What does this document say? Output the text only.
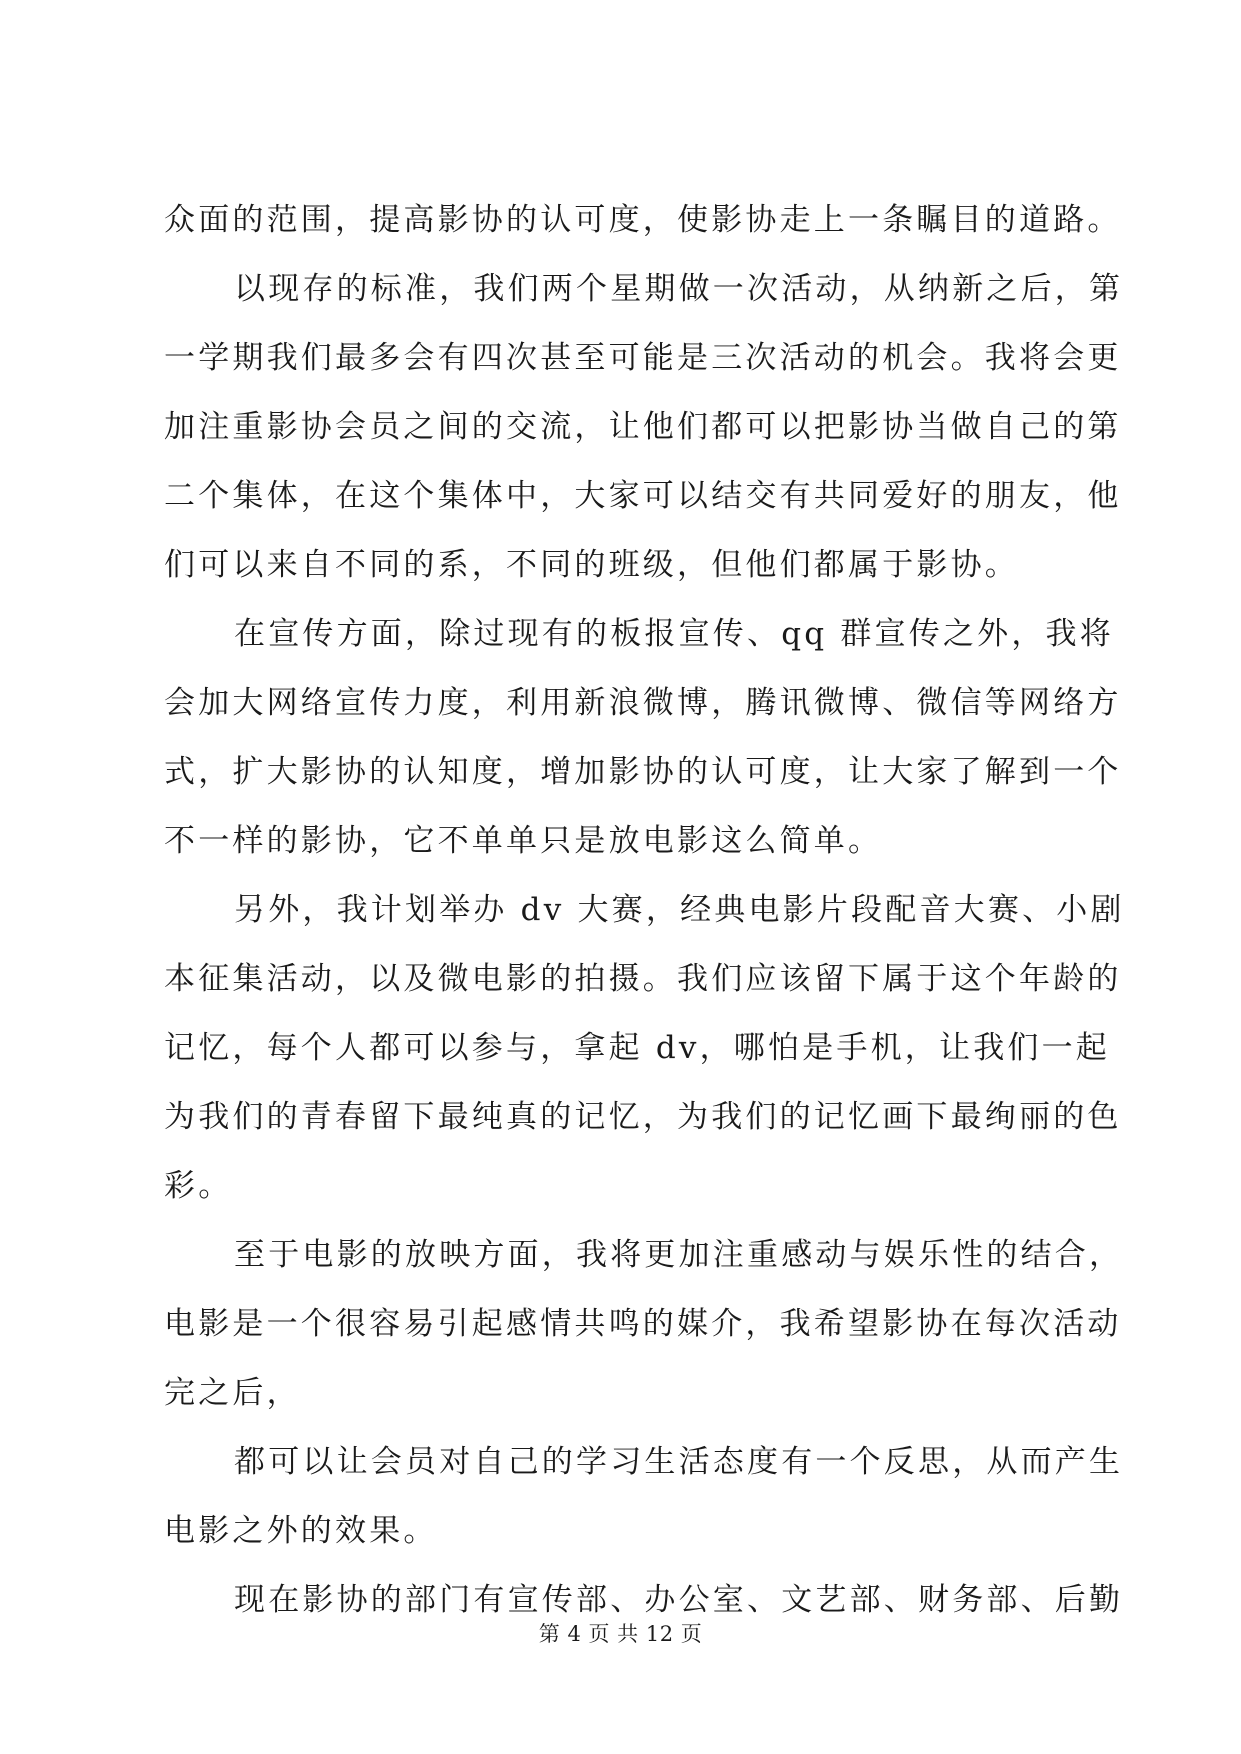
众面的范围，提高影协的认可度，使影协走上一条瞩目的道路。
以现存的标准，我们两个星期做一次活动，从纳新之后，第
一学期我们最多会有四次甚至可能是三次活动的机会。我将会更
加注重影协会员之间的交流，让他们都可以把影协当做自己的第
二个集体，在这个集体中，大家可以结交有共同爱好的朋友，他
们可以来自不同的系，不同的班级，但他们都属于影协。
在宣传方面，除过现有的板报宣传、qq 群宣传之外，我将
会加大网络宣传力度，利用新浪微博，腾讯微博、微信等网络方
式，扩大影协的认知度，增加影协的认可度，让大家了解到一个
不一样的影协，它不单单只是放电影这么简单。
另外，我计划举办 dv 大赛，经典电影片段配音大赛、小剧
本征集活动，以及微电影的拍摄。我们应该留下属于这个年龄的
记忆，每个人都可以参与，拿起 dv，哪怕是手机，让我们一起
为我们的青春留下最纯真的记忆，为我们的记忆画下最绚丽的色
彩。
至于电影的放映方面，我将更加注重感动与娱乐性的结合，
电影是一个很容易引起感情共鸣的媒介，我希望影协在每次活动
完之后，
都可以让会员对自己的学习生活态度有一个反思，从而产生
电影之外的效果。
现在影协的部门有宣传部、办公室、文艺部、财务部、后勤
第 4 页 共 12 页
